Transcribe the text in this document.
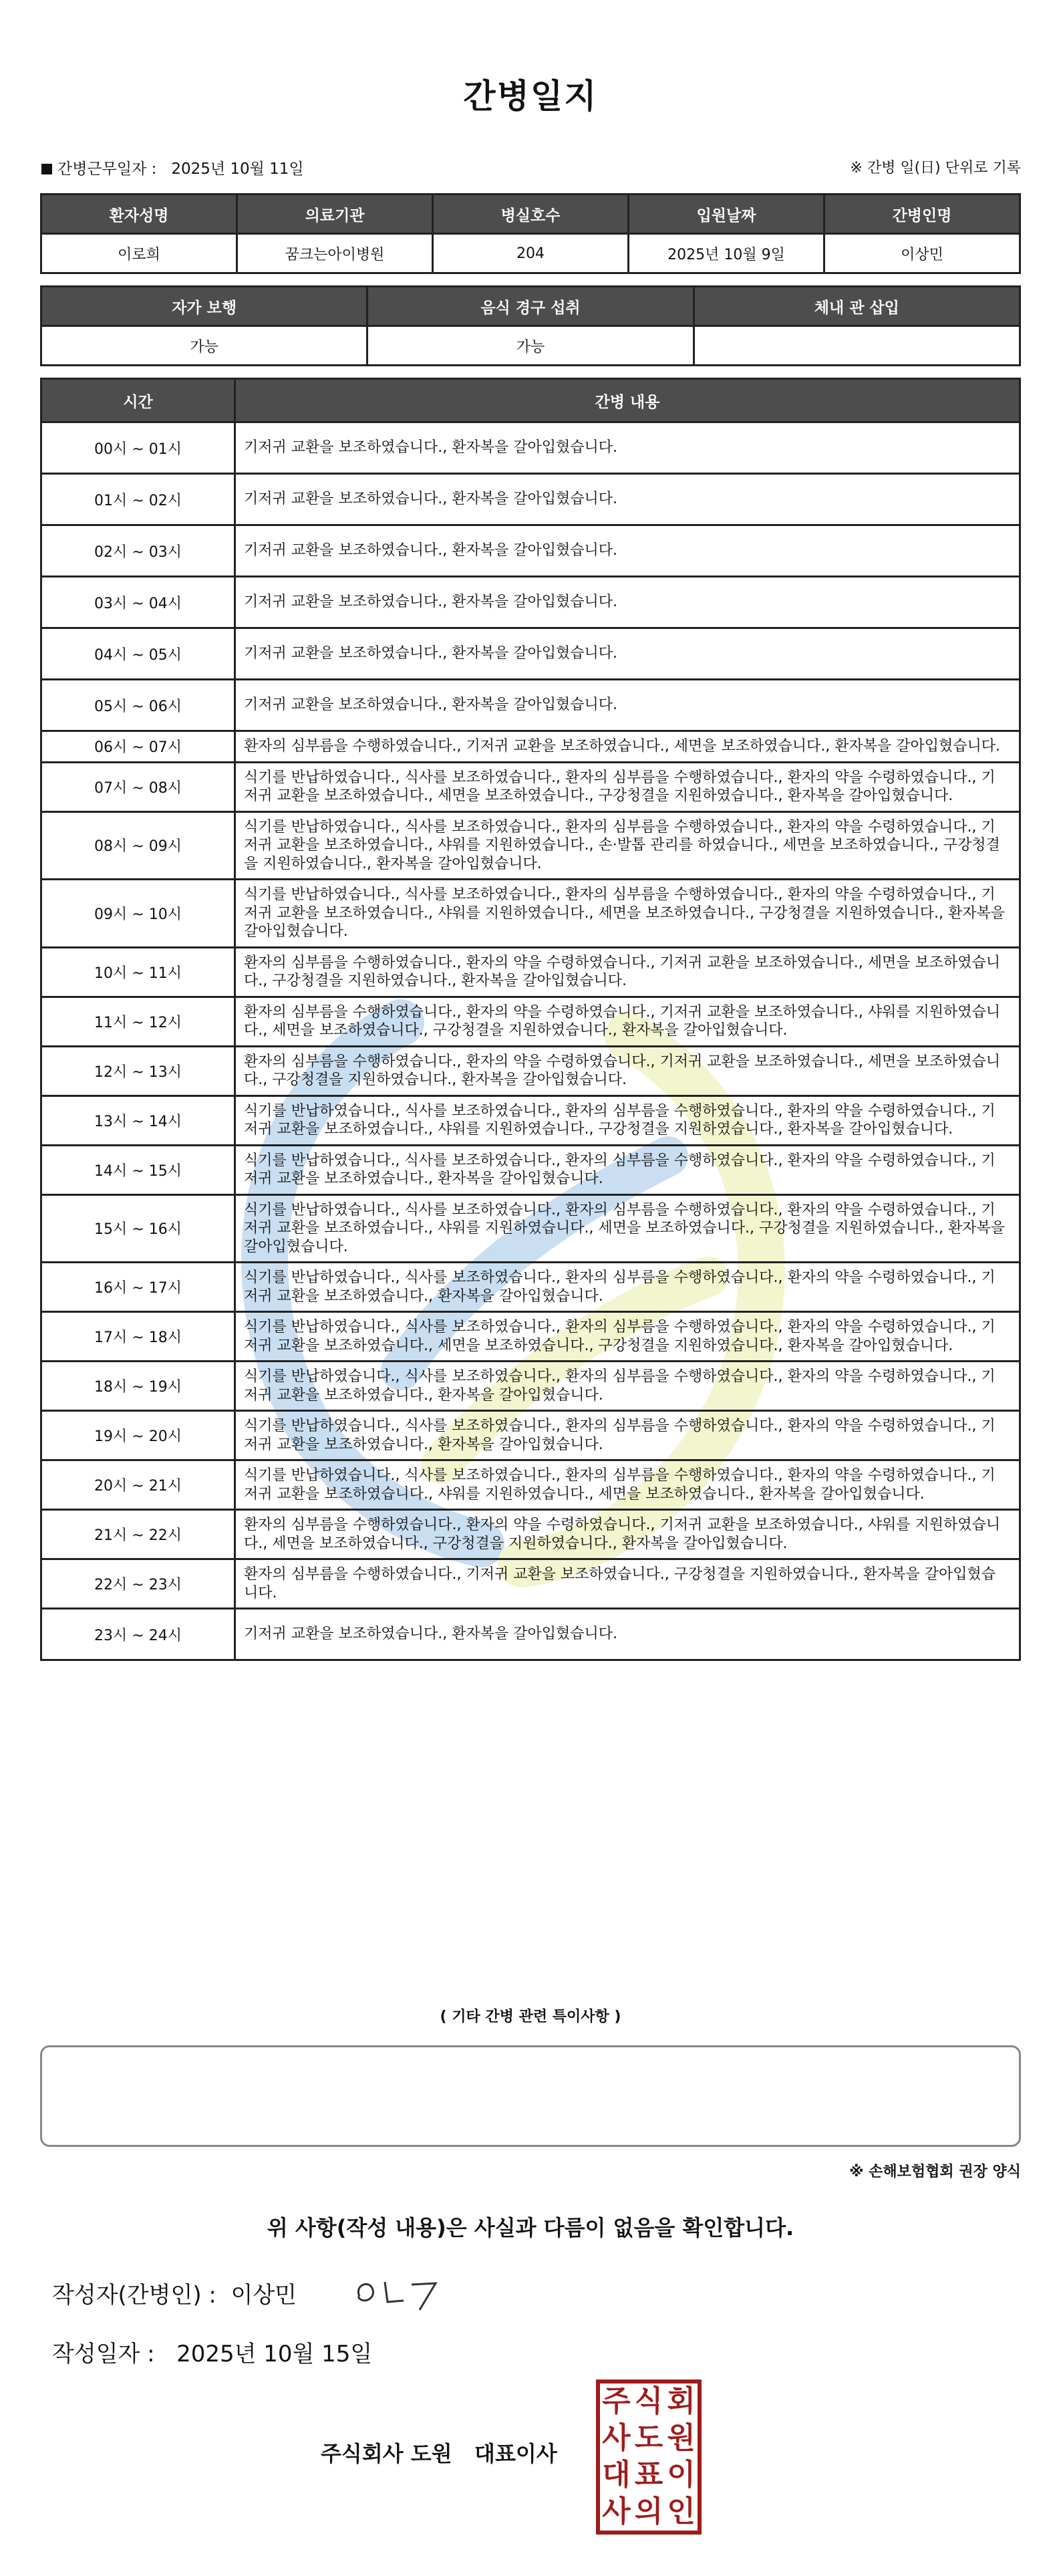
간병일지
간병근무일자 : 2025년 10월 11일	※ 간병 일(日) 단위로 기록
환자성명	의료기관	병실호수	입원날짜	간병인명
이로희	꿈크는아이병원	204	2025년 10월 9일	이상민
자가 보행	음식 경구 섭취	체내 관 삽입
가능	가능	
시간	간병 내용
00시 ~ 01시	기저귀 교환을 보조하였습니다., 환자복을 갈아입혔습니다.
01시 ~ 02시	기저귀 교환을 보조하였습니다., 환자복을 갈아입혔습니다.
02시 ~ 03시	기저귀 교환을 보조하였습니다., 환자복을 갈아입혔습니다.
03시 ~ 04시	기저귀 교환을 보조하였습니다., 환자복을 갈아입혔습니다.
04시 ~ 05시	기저귀 교환을 보조하였습니다., 환자복을 갈아입혔습니다.
05시 ~ 06시	기저귀 교환을 보조하였습니다., 환자복을 갈아입혔습니다.
06시 ~ 07시	환자의 심부름을 수행하였습니다., 기저귀 교환을 보조하였습니다., 세면을 보조하였습니다., 환자복을 갈아입혔습니다.
07시 ~ 08시	식기를 반납하였습니다., 식사를 보조하였습니다., 환자의 심부름을 수행하였습니다., 환자의 약을 수령하였습니다., 기저귀 교환을 보조하였습니다., 세면을 보조하였습니다., 구강청결을 지원하였습니다., 환자복을 갈아입혔습니다.
08시 ~ 09시	식기를 반납하였습니다., 식사를 보조하였습니다., 환자의 심부름을 수행하였습니다., 환자의 약을 수령하였습니다., 기저귀 교환을 보조하였습니다., 샤워를 지원하였습니다., 손·발톱 관리를 하였습니다., 세면을 보조하였습니다., 구강청결을 지원하였습니다., 환자복을 갈아입혔습니다.
09시 ~ 10시	식기를 반납하였습니다., 식사를 보조하였습니다., 환자의 심부름을 수행하였습니다., 환자의 약을 수령하였습니다., 기저귀 교환을 보조하였습니다., 샤워를 지원하였습니다., 세면을 보조하였습니다., 구강청결을 지원하였습니다., 환자복을 갈아입혔습니다.
10시 ~ 11시	환자의 심부름을 수행하였습니다., 환자의 약을 수령하였습니다., 기저귀 교환을 보조하였습니다., 세면을 보조하였습니다., 구강청결을 지원하였습니다., 환자복을 갈아입혔습니다.
11시 ~ 12시	환자의 심부름을 수행하였습니다., 환자의 약을 수령하였습니다., 기저귀 교환을 보조하였습니다., 샤워를 지원하였습니다., 세면을 보조하였습니다., 구강청결을 지원하였습니다., 환자복을 갈아입혔습니다.
12시 ~ 13시	환자의 심부름을 수행하였습니다., 환자의 약을 수령하였습니다., 기저귀 교환을 보조하였습니다., 세면을 보조하였습니다., 구강청결을 지원하였습니다., 환자복을 갈아입혔습니다.
13시 ~ 14시	식기를 반납하였습니다., 식사를 보조하였습니다., 환자의 심부름을 수행하였습니다., 환자의 약을 수령하였습니다., 기저귀 교환을 보조하였습니다., 샤워를 지원하였습니다., 구강청결을 지원하였습니다., 환자복을 갈아입혔습니다.
14시 ~ 15시	식기를 반납하였습니다., 식사를 보조하였습니다., 환자의 심부름을 수행하였습니다., 환자의 약을 수령하였습니다., 기저귀 교환을 보조하였습니다., 환자복을 갈아입혔습니다.
15시 ~ 16시	식기를 반납하였습니다., 식사를 보조하였습니다., 환자의 심부름을 수행하였습니다., 환자의 약을 수령하였습니다., 기저귀 교환을 보조하였습니다., 샤워를 지원하였습니다., 세면을 보조하였습니다., 구강청결을 지원하였습니다., 환자복을 갈아입혔습니다.
16시 ~ 17시	식기를 반납하였습니다., 식사를 보조하였습니다., 환자의 심부름을 수행하였습니다., 환자의 약을 수령하였습니다., 기저귀 교환을 보조하였습니다., 환자복을 갈아입혔습니다.
17시 ~ 18시	식기를 반납하였습니다., 식사를 보조하였습니다., 환자의 심부름을 수행하였습니다., 환자의 약을 수령하였습니다., 기저귀 교환을 보조하였습니다., 세면을 보조하였습니다., 구강청결을 지원하였습니다., 환자복을 갈아입혔습니다.
18시 ~ 19시	식기를 반납하였습니다., 식사를 보조하였습니다., 환자의 심부름을 수행하였습니다., 환자의 약을 수령하였습니다., 기저귀 교환을 보조하였습니다., 환자복을 갈아입혔습니다.
19시 ~ 20시	식기를 반납하였습니다., 식사를 보조하였습니다., 환자의 심부름을 수행하였습니다., 환자의 약을 수령하였습니다., 기저귀 교환을 보조하였습니다., 환자복을 갈아입혔습니다.
20시 ~ 21시	식기를 반납하였습니다., 식사를 보조하였습니다., 환자의 심부름을 수행하였습니다., 환자의 약을 수령하였습니다., 기저귀 교환을 보조하였습니다., 샤워를 지원하였습니다., 세면을 보조하였습니다., 환자복을 갈아입혔습니다.
21시 ~ 22시	환자의 심부름을 수행하였습니다., 환자의 약을 수령하였습니다., 기저귀 교환을 보조하였습니다., 샤워를 지원하였습니다., 세면을 보조하였습니다., 구강청결을 지원하였습니다., 환자복을 갈아입혔습니다.
22시 ~ 23시	환자의 심부름을 수행하였습니다., 기저귀 교환을 보조하였습니다., 구강청결을 지원하였습니다., 환자복을 갈아입혔습니다.
23시 ~ 24시	기저귀 교환을 보조하였습니다., 환자복을 갈아입혔습니다.
( 기타 간병 관련 특이사항 )
※ 손해보험협회 권장 양식
위 사항(작성 내용)은 사실과 다름이 없음을 확인합니다.
작성자(간병인) : 이상민
작성일자 : 2025년 10월 15일
주식회사 도원   대표이사
주 식 회
사 도 원
대 표 이
사 의 인
